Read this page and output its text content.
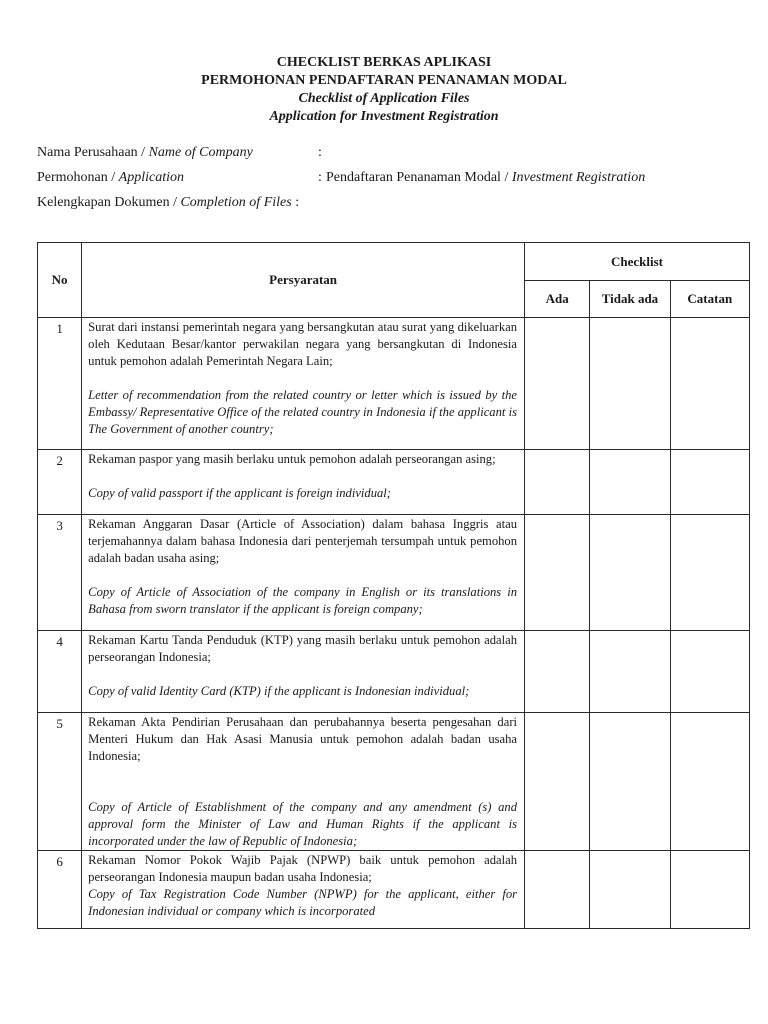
CHECKLIST BERKAS APLIKASI
PERMOHONAN PENDAFTARAN PENANAMAN MODAL
Checklist of Application Files
Application for Investment Registration
Nama Perusahaan / Name of Company	:
Permohonan / Application	: Pendaftaran Penanaman Modal / Investment Registration
Kelengkapan Dokumen / Completion of Files :
No	Persyaratan	Checklist		
		Ada	Tidak ada	Catatan
1	Surat dari instansi pemerintah negara yang bersangkutan atau surat yang dikeluarkan oleh Kedutaan Besar/kantor perwakilan negara yang bersangkutan di Indonesia untuk pemohon adalah Pemerintah Negara Lain;

Letter of recommendation from the related country or letter which is issued by the Embassy/ Representative Office of the related country in Indonesia if the applicant is The Government of another country;			

2	Rekaman paspor yang masih berlaku untuk pemohon adalah perseorangan asing;

Copy of valid passport if the applicant is foreign individual;			

3	Rekaman Anggaran Dasar (Article of Association) dalam bahasa Inggris atau terjemahannya dalam bahasa Indonesia dari penterjemah tersumpah untuk pemohon adalah badan usaha asing;

Copy of Article of Association of the company in English or its translations in Bahasa from sworn translator if the applicant is foreign company;			

4	Rekaman Kartu Tanda Penduduk (KTP) yang masih berlaku untuk pemohon adalah perseorangan Indonesia;

Copy of valid Identity Card (KTP) if the applicant is Indonesian individual;			

5	Rekaman Akta Pendirian Perusahaan dan perubahannya beserta pengesahan dari Menteri Hukum dan Hak Asasi Manusia untuk pemohon adalah badan usaha Indonesia;

Copy of Article of Establishment of the company and any amendment (s) and approval form the Minister of Law and Human Rights if the applicant is incorporated under the law of Republic of Indonesia;			

6	Rekaman Nomor Pokok Wajib Pajak (NPWP) baik untuk pemohon adalah perseorangan Indonesia maupun badan usaha Indonesia;

Copy of Tax Registration Code Number (NPWP) for the applicant, either for Indonesian individual or company which is incorporated			
